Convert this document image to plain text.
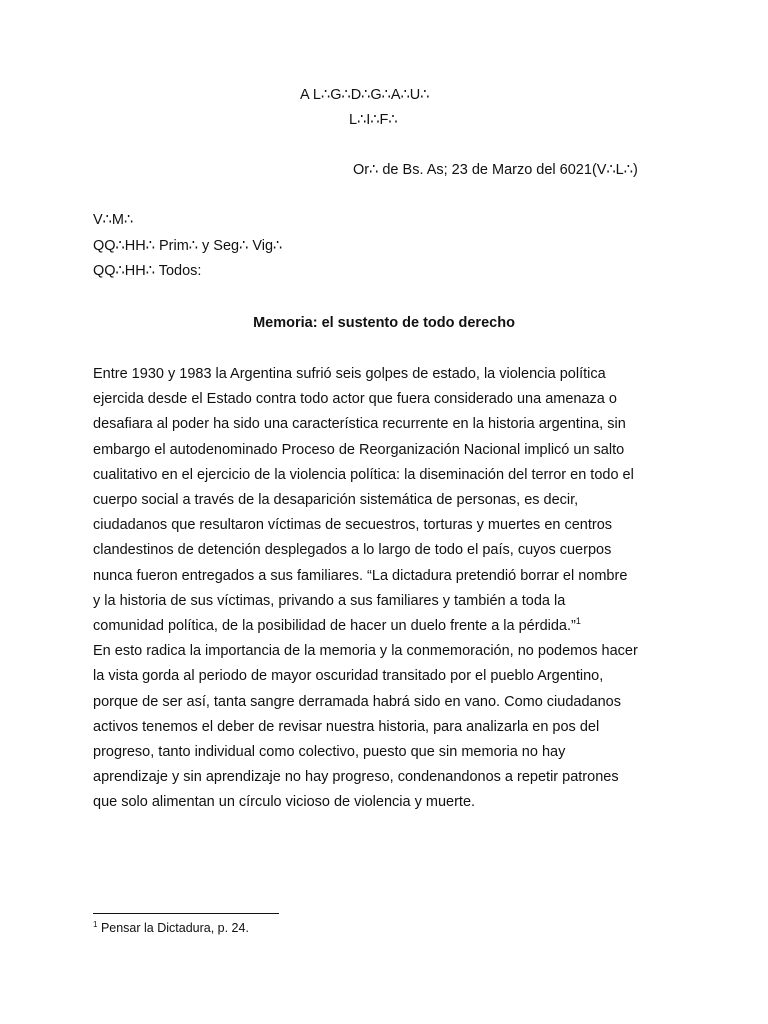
A L∴G∴D∴G∴A∴U∴
L∴I∴F∴
Or∴ de Bs. As; 23 de Marzo del 6021(V∴L∴)
V∴M∴
QQ∴HH∴ Prim∴ y Seg∴ Vig∴
QQ∴HH∴ Todos:
Memoria: el sustento de todo derecho
Entre 1930 y 1983 la Argentina sufrió seis golpes de estado, la violencia política
ejercida desde el Estado contra todo actor que fuera considerado una amenaza o
desafiara al poder ha sido una característica recurrente en la historia argentina, sin
embargo el autodenominado Proceso de Reorganización Nacional implicó un salto
cualitativo en el ejercicio de la violencia política: la diseminación del terror en todo el
cuerpo social a través de la desaparición sistemática de personas, es decir,
ciudadanos que resultaron víctimas de secuestros, torturas y muertes en centros
clandestinos de detención desplegados a lo largo de todo el país, cuyos cuerpos
nunca fueron entregados a sus familiares. “La dictadura pretendió borrar el nombre
y la historia de sus víctimas, privando a sus familiares y también a toda la
comunidad política, de la posibilidad de hacer un duelo frente a la pérdida.”$^1$
En esto radica la importancia de la memoria y la conmemoración, no podemos hacer
la vista gorda al periodo de mayor oscuridad transitado por el pueblo Argentino,
porque de ser así, tanta sangre derramada habrá sido en vano. Como ciudadanos
activos tenemos el deber de revisar nuestra historia, para analizarla en pos del
progreso, tanto individual como colectivo, puesto que sin memoria no hay
aprendizaje y sin aprendizaje no hay progreso, condenandonos a repetir patrones
que solo alimentan un círculo vicioso de violencia y muerte.
$^1$ Pensar la Dictadura, p. 24.
